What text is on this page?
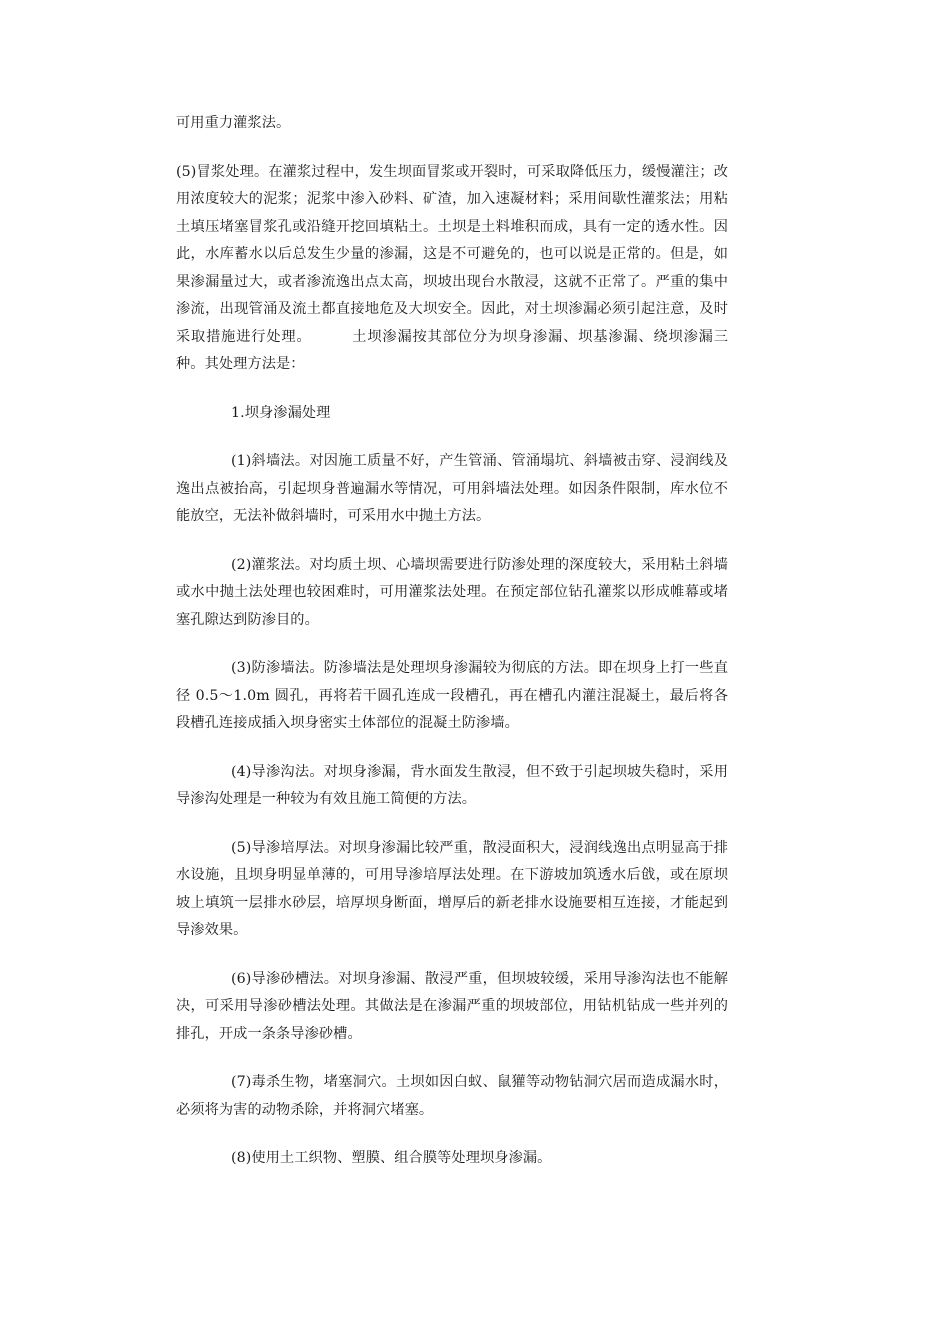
可用重力灌浆法。

(5)冒浆处理。在灌浆过程中，发生坝面冒浆或开裂时，可采取降低压力，缓慢灌注；改用浓度较大的泥浆；泥浆中渗入砂料、矿渣，加入速凝材料；采用间歇性灌浆法；用粘土填压堵塞冒浆孔或沿缝开挖回填粘土。土坝是土料堆积而成，具有一定的透水性。因此，水库蓄水以后总发生少量的渗漏，这是不可避免的，也可以说是正常的。但是，如果渗漏量过大，或者渗流逸出点太高，坝坡出现台水散浸，这就不正常了。严重的集中渗流，出现管涌及流土都直接地危及大坝安全。因此，对土坝渗漏必须引起注意，及时采取措施进行处理。	土坝渗漏按其部位分为坝身渗漏、坝基渗漏、绕坝渗漏三种。其处理方法是：

1.坝身渗漏处理

(1)斜墙法。对因施工质量不好，产生管涌、管涌塌坑、斜墙被击穿、浸润线及逸出点被抬高，引起坝身普遍漏水等情况，可用斜墙法处理。如因条件限制，库水位不能放空，无法补做斜墙时，可采用水中抛土方法。

(2)灌浆法。对均质土坝、心墙坝需要进行防渗处理的深度较大，采用粘土斜墙或水中抛土法处理也较困难时，可用灌浆法处理。在预定部位钻孔灌浆以形成帷幕或堵塞孔隙达到防渗目的。

(3)防渗墙法。防渗墙法是处理坝身渗漏较为彻底的方法。即在坝身上打一些直径 0.5～1.0m 圆孔，再将若干圆孔连成一段槽孔，再在槽孔内灌注混凝土，最后将各段槽孔连接成插入坝身密实土体部位的混凝土防渗墙。

(4)导渗沟法。对坝身渗漏，背水面发生散浸，但不致于引起坝坡失稳时，采用导渗沟处理是一种较为有效且施工简便的方法。

(5)导渗培厚法。对坝身渗漏比较严重，散浸面积大，浸润线逸出点明显高于排水设施，且坝身明显单薄的，可用导渗培厚法处理。在下游坡加筑透水后戗，或在原坝坡上填筑一层排水砂层，培厚坝身断面，增厚后的新老排水设施要相互连接，才能起到导渗效果。

(6)导渗砂槽法。对坝身渗漏、散浸严重，但坝坡较缓，采用导渗沟法也不能解决，可采用导渗砂槽法处理。其做法是在渗漏严重的坝坡部位，用钻机钻成一些并列的排孔，开成一条条导渗砂槽。

(7)毒杀生物，堵塞洞穴。土坝如因白蚁、鼠獾等动物钻洞穴居而造成漏水时，必须将为害的动物杀除，并将洞穴堵塞。

(8)使用土工织物、塑膜、组合膜等处理坝身渗漏。
